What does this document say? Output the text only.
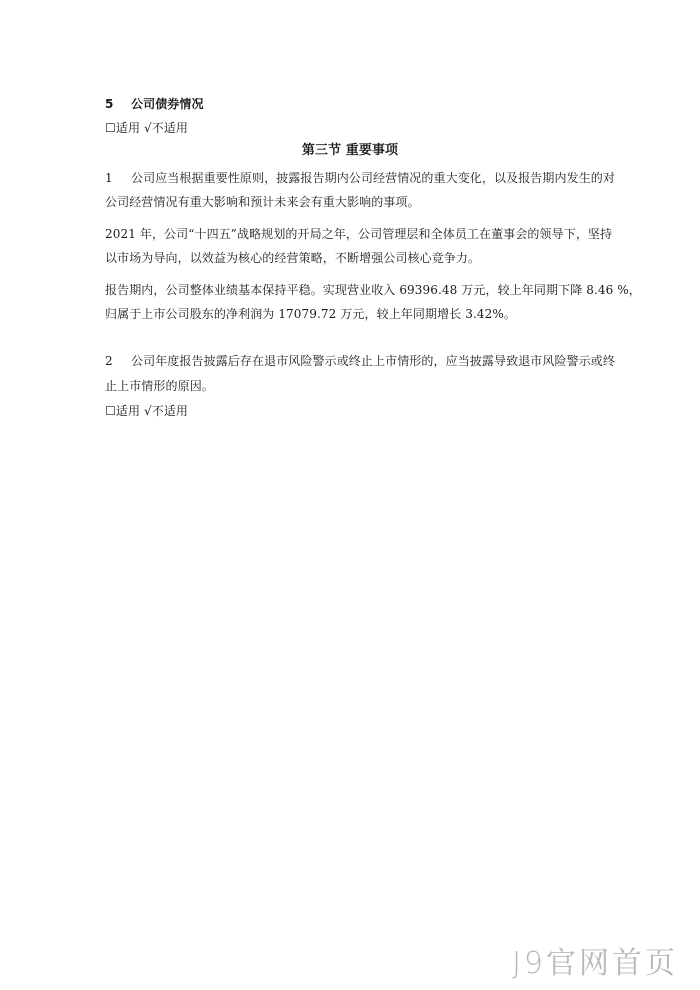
5 公司债券情况
☐适用 √不适用
第三节 重要事项
1 公司应当根据重要性原则，披露报告期内公司经营情况的重大变化，以及报告期内发生的对
公司经营情况有重大影响和预计未来会有重大影响的事项。
2021 年，公司“十四五”战略规划的开局之年，公司管理层和全体员工在董事会的领导下，坚持
以市场为导向，以效益为核心的经营策略，不断增强公司核心竞争力。
报告期内，公司整体业绩基本保持平稳。实现营业收入 69396.48 万元，较上年同期下降 8.46 %，
归属于上市公司股东的净利润为 17079.72 万元，较上年同期增长 3.42%。
2 公司年度报告披露后存在退市风险警示或终止上市情形的，应当披露导致退市风险警示或终
止上市情形的原因。
☐适用 √不适用
J9官网首页
